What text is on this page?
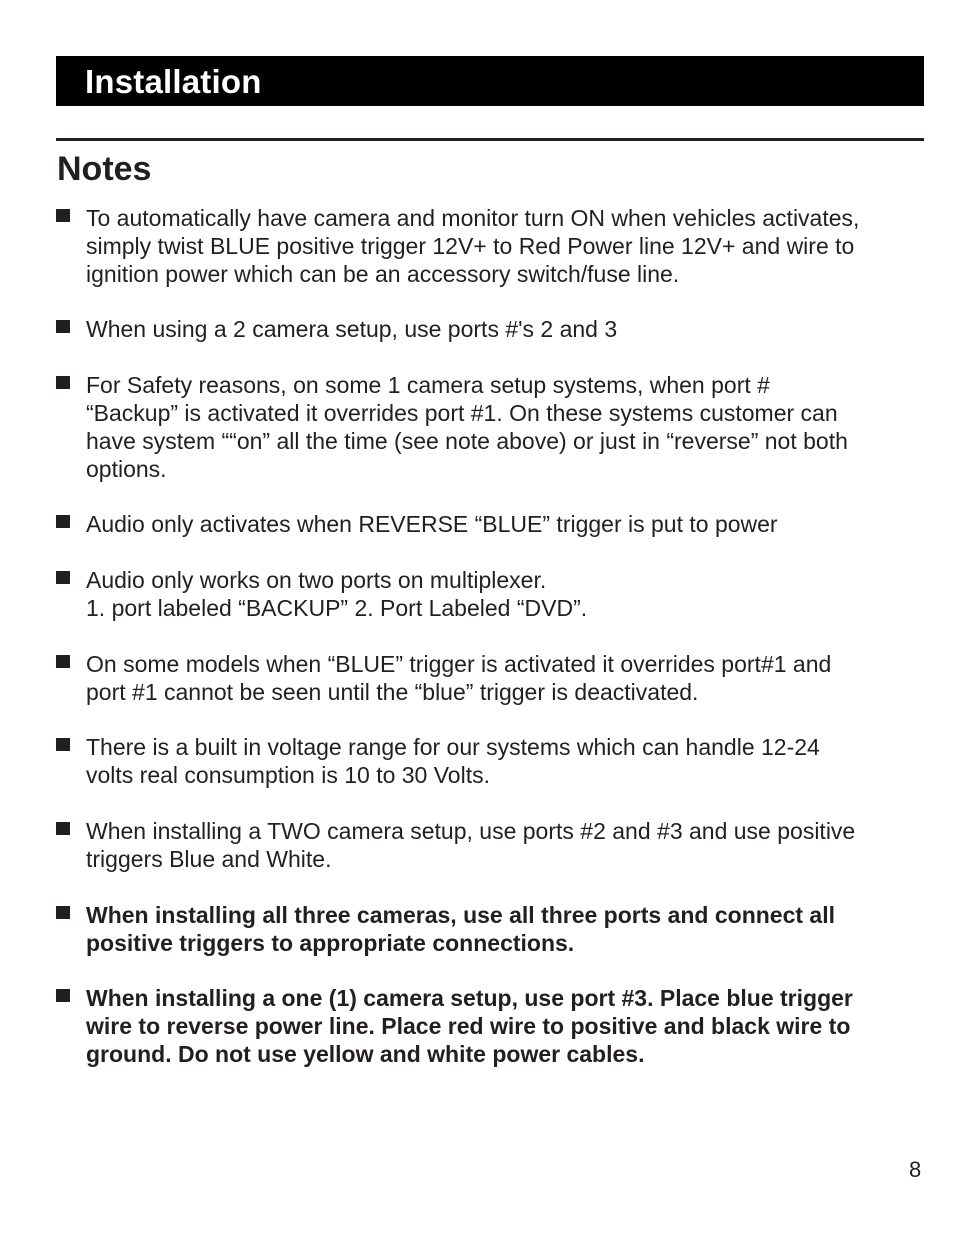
Installation
Notes
To automatically have camera and monitor turn ON when vehicles activates,
simply twist BLUE positive trigger 12V+ to Red Power line 12V+ and wire to
ignition power which can be an accessory switch/fuse line.
When using a 2 camera setup, use ports #'s 2 and 3
For Safety reasons, on some 1 camera setup systems, when port #
“Backup” is activated it overrides port #1. On these systems customer can
have system ““on” all the time (see note above) or just in “reverse” not both
options.
Audio only activates when REVERSE “BLUE” trigger is put to power
Audio only works on two ports on multiplexer.
1. port labeled “BACKUP” 2. Port Labeled “DVD”.
On some models when “BLUE” trigger is activated it overrides port#1 and
port #1 cannot be seen until the “blue” trigger is deactivated.
There is a built in voltage range for our systems which can handle 12-24
volts real consumption is 10 to 30 Volts.
When installing a TWO camera setup, use ports #2 and #3 and use positive
triggers Blue and White.
When installing all three cameras, use all three ports and connect all
positive triggers to appropriate connections.
When installing a one (1) camera setup, use port #3. Place blue trigger
wire to reverse power line. Place red wire to positive and black wire to
ground. Do not use yellow and white power cables.
8
